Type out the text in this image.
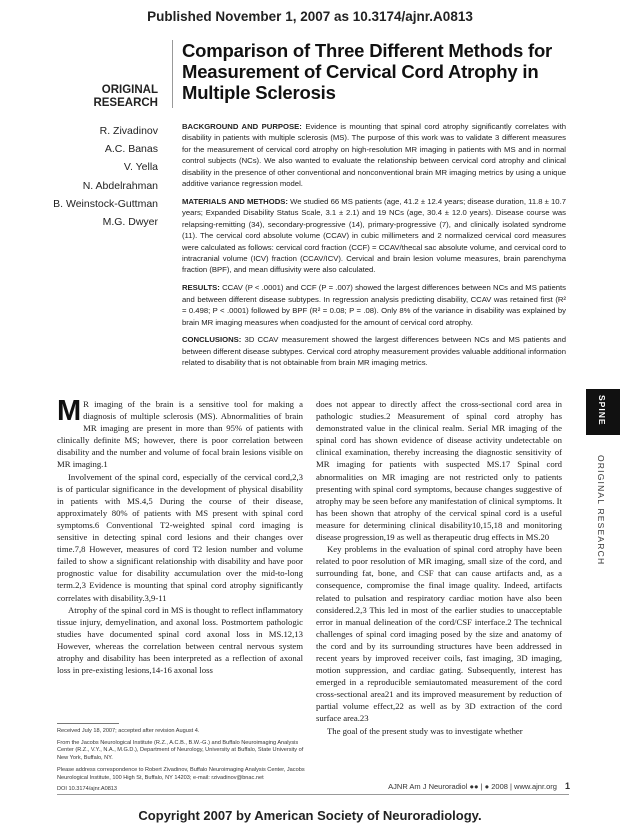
Published November 1, 2007 as 10.3174/ajnr.A0813
ORIGINAL
RESEARCH
Comparison of Three Different Methods for Measurement of Cervical Cord Atrophy in Multiple Sclerosis
R. Zivadinov
A.C. Banas
V. Yella
N. Abdelrahman
B. Weinstock-Guttman
M.G. Dwyer

BACKGROUND AND PURPOSE: Evidence is mounting that spinal cord atrophy significantly correlates with disability in patients with multiple sclerosis (MS). The purpose of this work was to validate 3 different measures for the measurement of cervical cord atrophy on high-resolution MR imaging in patients with MS and in normal control subjects (NCs). We also wanted to evaluate the relationship between cervical cord atrophy and clinical disability in the presence of other conventional and nonconventional brain MR imaging metrics by using a unique additive variance regression model.

MATERIALS AND METHODS: We studied 66 MS patients (age, 41.2 ± 12.4 years; disease duration, 11.8 ± 10.7 years; Expanded Disability Status Scale, 3.1 ± 2.1) and 19 NCs (age, 30.4 ± 12.0 years). Disease course was relapsing-remitting (34), secondary-progressive (14), primary-progressive (7), and clinically isolated syndrome (11). The cervical cord absolute volume (CCAV) in cubic millimeters and 2 normalized cervical cord measures were calculated as follows: cervical cord fraction (CCF) = CCAV/thecal sac absolute volume, and cervical cord to intracranial volume (ICV) fraction (CCAV/ICV). Cervical and brain lesion volume measures, brain parenchyma fraction (BPF), and mean diffusivity were also calculated.

RESULTS: CCAV (P < .0001) and CCF (P = .007) showed the largest differences between NCs and MS patients and between different disease subtypes. In regression analysis predicting disability, CCAV was retained first (R² = 0.498; P < .0001) followed by BPF (R² = 0.08; P = .08). Only 8% of the variance in disability was explained by brain MR imaging measures when coadjusted for the amount of cervical cord atrophy.

CONCLUSIONS: 3D CCAV measurement showed the largest differences between NCs and MS patients and between different disease subtypes. Cervical cord atrophy measurement provides valuable additional information related to disability that is not obtainable from brain MR imaging metrics.

SPINE
ORIGINAL RESEARCH

M R imaging of the brain is a sensitive tool for making a diagnosis of multiple sclerosis (MS). Abnormalities of brain MR imaging are present in more than 95% of patients with clinically definite MS; however, there is poor correlation between disability and the number and volume of focal brain lesions visible on MR imaging.1

Involvement of the spinal cord, especially of the cervical cord,2,3 is of particular significance in the development of physical disability in patients with MS.4,5 During the course of their disease, approximately 80% of patients with MS present with spinal cord symptoms.6 Conventional T2-weighted spinal cord imaging is sensitive in detecting spinal cord lesions and their changes over time.7,8 However, measures of cord T2 lesion number and volume failed to show a significant relationship with disability and have poor prognostic value for disability accumulation over the mid-to-long term.2,3 Evidence is mounting that spinal cord atrophy significantly correlates with disability.3,9-11

Atrophy of the spinal cord in MS is thought to reflect inflammatory tissue injury, demyelination, and axonal loss. Postmortem pathologic studies have documented spinal cord axonal loss in MS.12,13 However, whereas the correlation between central nervous system atrophy and disability has been interpreted as a reflection of axonal loss in pre-existing lesions,14-16 axonal loss

does not appear to directly affect the cross-sectional cord area in pathologic studies.2 Measurement of spinal cord atrophy has demonstrated value in the clinical realm. Serial MR imaging of the spinal cord has shown evidence of disease activity undetectable on clinical examination, thereby increasing the diagnostic sensitivity of MR imaging for patients with suspected MS.17 Spinal cord abnormalities on MR imaging are not restricted only to patients presenting with spinal cord symptoms, because changes suggestive of atrophy may be seen before any manifestation of clinical symptoms. It has been shown that atrophy of the cervical spinal cord is a useful measure for determining clinical disability10,15,18 and monitoring disease progression,19 as well as therapeutic drug effects in MS.20

Key problems in the evaluation of spinal cord atrophy have been related to poor resolution of MR imaging, small size of the cord, and surrounding fat, bone, and CSF that can cause artifacts and, as a consequence, compromise the final image quality. Indeed, artifacts related to pulsation and respiratory cardiac motion have also been considered.2,3 This led in most of the earlier studies to unacceptable error in manual delineation of the cord/CSF interface.2 The technical challenges of spinal cord imaging posed by the size and anatomy of the cord and by its surrounding structures have been addressed in recent years by improved receiver coils, fast imaging, 3D imaging, motion suppression, and cardiac gating. Subsequently, interest has emerged in a reproducible semiautomated measurement of the cord cross-sectional area21 and its improved measurement by reduction of partial volume effect,22 as well as by 3D extraction of the cord surface area.23

The goal of the present study was to investigate whether

Received July 18, 2007; accepted after revision August 4.

From the Jacobs Neurological Institute (R.Z., A.C.B., B.W.-G.) and Buffalo Neuroimaging Analysis Center (R.Z., V.Y., N.A., M.G.D.), Department of Neurology, University at Buffalo, State University of New York, Buffalo, NY.

Please address correspondence to Robert Zivadinov, Buffalo Neuroimaging Analysis Center, Jacobs Neurological Institute, 100 High St, Buffalo, NY 14203; e-mail: rzivadinov@bnac.net

DOI 10.3174/ajnr.A0813	AJNR Am J Neuroradiol ●● | ● 2008 | www.ajnr.org 1
Copyright 2007 by American Society of Neuroradiology.
